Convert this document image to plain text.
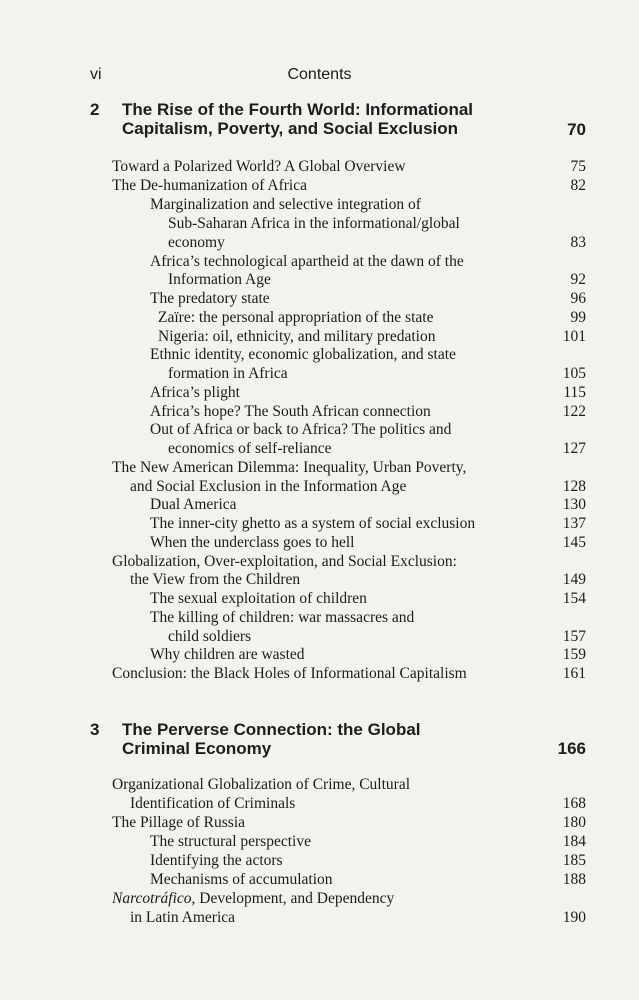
vi	Contents
2 The Rise of the Fourth World: Informational Capitalism, Poverty, and Social Exclusion	70
Toward a Polarized World? A Global Overview	75
The De-humanization of Africa	82
Marginalization and selective integration of
Sub-Saharan Africa in the informational/global
economy	83
Africa’s technological apartheid at the dawn of the
Information Age	92
The predatory state	96
Zaïre: the personal appropriation of the state	99
Nigeria: oil, ethnicity, and military predation	101
Ethnic identity, economic globalization, and state
formation in Africa	105
Africa’s plight	115
Africa’s hope? The South African connection	122
Out of Africa or back to Africa? The politics and
economics of self-reliance	127
The New American Dilemma: Inequality, Urban Poverty,
and Social Exclusion in the Information Age	128
Dual America	130
The inner-city ghetto as a system of social exclusion	137
When the underclass goes to hell	145
Globalization, Over-exploitation, and Social Exclusion:
the View from the Children	149
The sexual exploitation of children	154
The killing of children: war massacres and
child soldiers	157
Why children are wasted	159
Conclusion: the Black Holes of Informational Capitalism	161
3 The Perverse Connection: the Global Criminal Economy	166
Organizational Globalization of Crime, Cultural
Identification of Criminals	168
The Pillage of Russia	180
The structural perspective	184
Identifying the actors	185
Mechanisms of accumulation	188
Narcotráfico, Development, and Dependency
in Latin America	190
